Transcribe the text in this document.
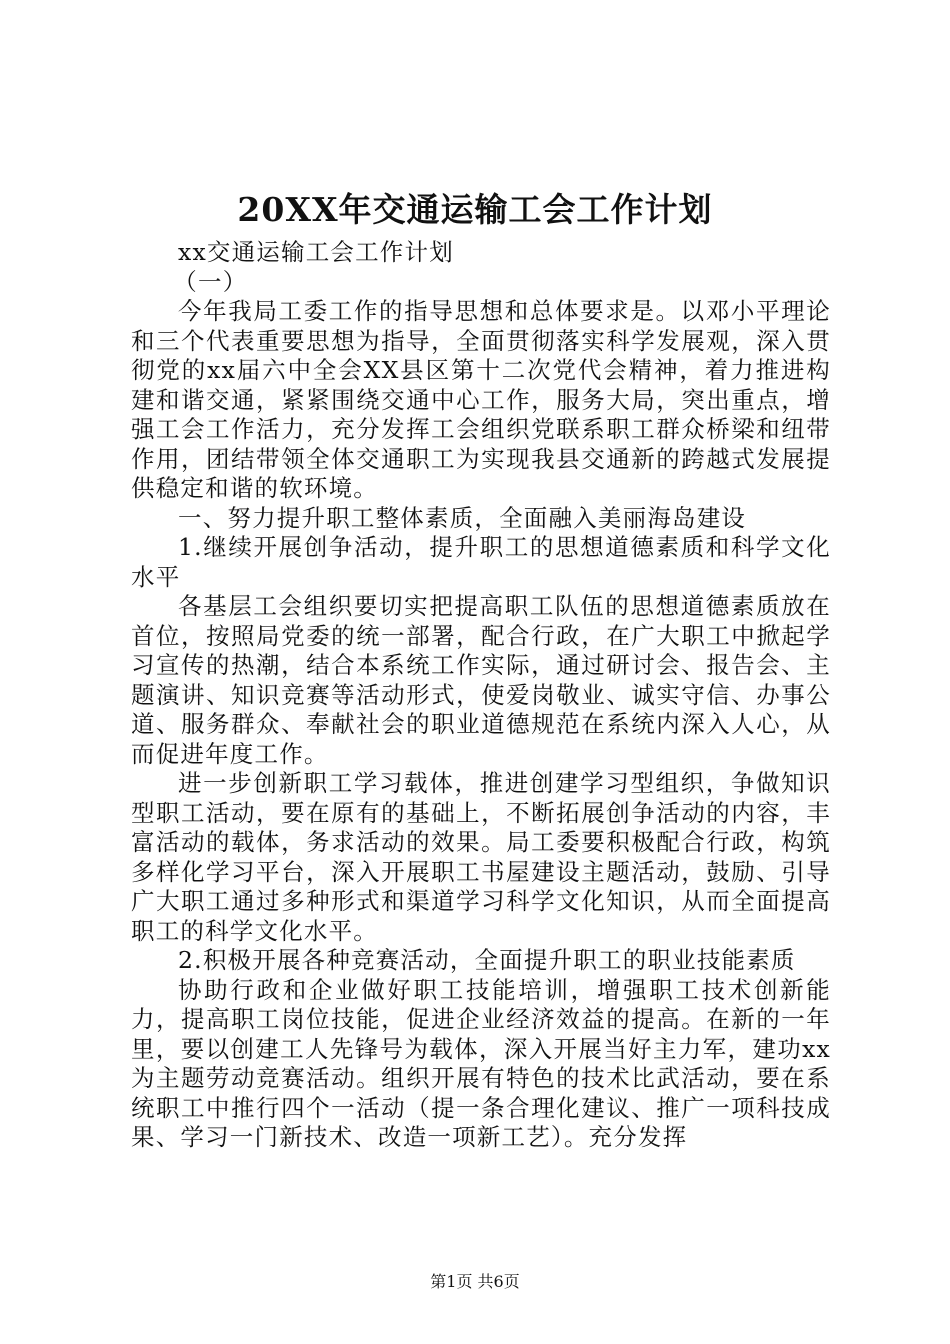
20XX年交通运输工会工作计划

xx交通运输工会工作计划

（一）

今年我局工委工作的指导思想和总体要求是。以邓小平理论和三个代表重要思想为指导，全面贯彻落实科学发展观，深入贯彻党的xx届六中全会XX县区第十二次党代会精神，着力推进构建和谐交通，紧紧围绕交通中心工作，服务大局，突出重点，增强工会工作活力，充分发挥工会组织党联系职工群众桥梁和纽带作用，团结带领全体交通职工为实现我县交通新的跨越式发展提供稳定和谐的软环境。

一、努力提升职工整体素质，全面融入美丽海岛建设

1.继续开展创争活动，提升职工的思想道德素质和科学文化水平

各基层工会组织要切实把提高职工队伍的思想道德素质放在首位，按照局党委的统一部署，配合行政，在广大职工中掀起学习宣传的热潮，结合本系统工作实际，通过研讨会、报告会、主题演讲、知识竞赛等活动形式，使爱岗敬业、诚实守信、办事公道、服务群众、奉献社会的职业道德规范在系统内深入人心，从而促进年度工作。

进一步创新职工学习载体，推进创建学习型组织，争做知识型职工活动，要在原有的基础上，不断拓展创争活动的内容，丰富活动的载体，务求活动的效果。局工委要积极配合行政，构筑多样化学习平台，深入开展职工书屋建设主题活动，鼓励、引导广大职工通过多种形式和渠道学习科学文化知识，从而全面提高职工的科学文化水平。

2.积极开展各种竞赛活动，全面提升职工的职业技能素质

协助行政和企业做好职工技能培训，增强职工技术创新能力，提高职工岗位技能，促进企业经济效益的提高。在新的一年里，要以创建工人先锋号为载体，深入开展当好主力军，建功xx为主题劳动竞赛活动。组织开展有特色的技术比武活动，要在系统职工中推行四个一活动（提一条合理化建议、推广一项科技成果、学习一门新技术、改造一项新工艺）。充分发挥

第1页 共6页
